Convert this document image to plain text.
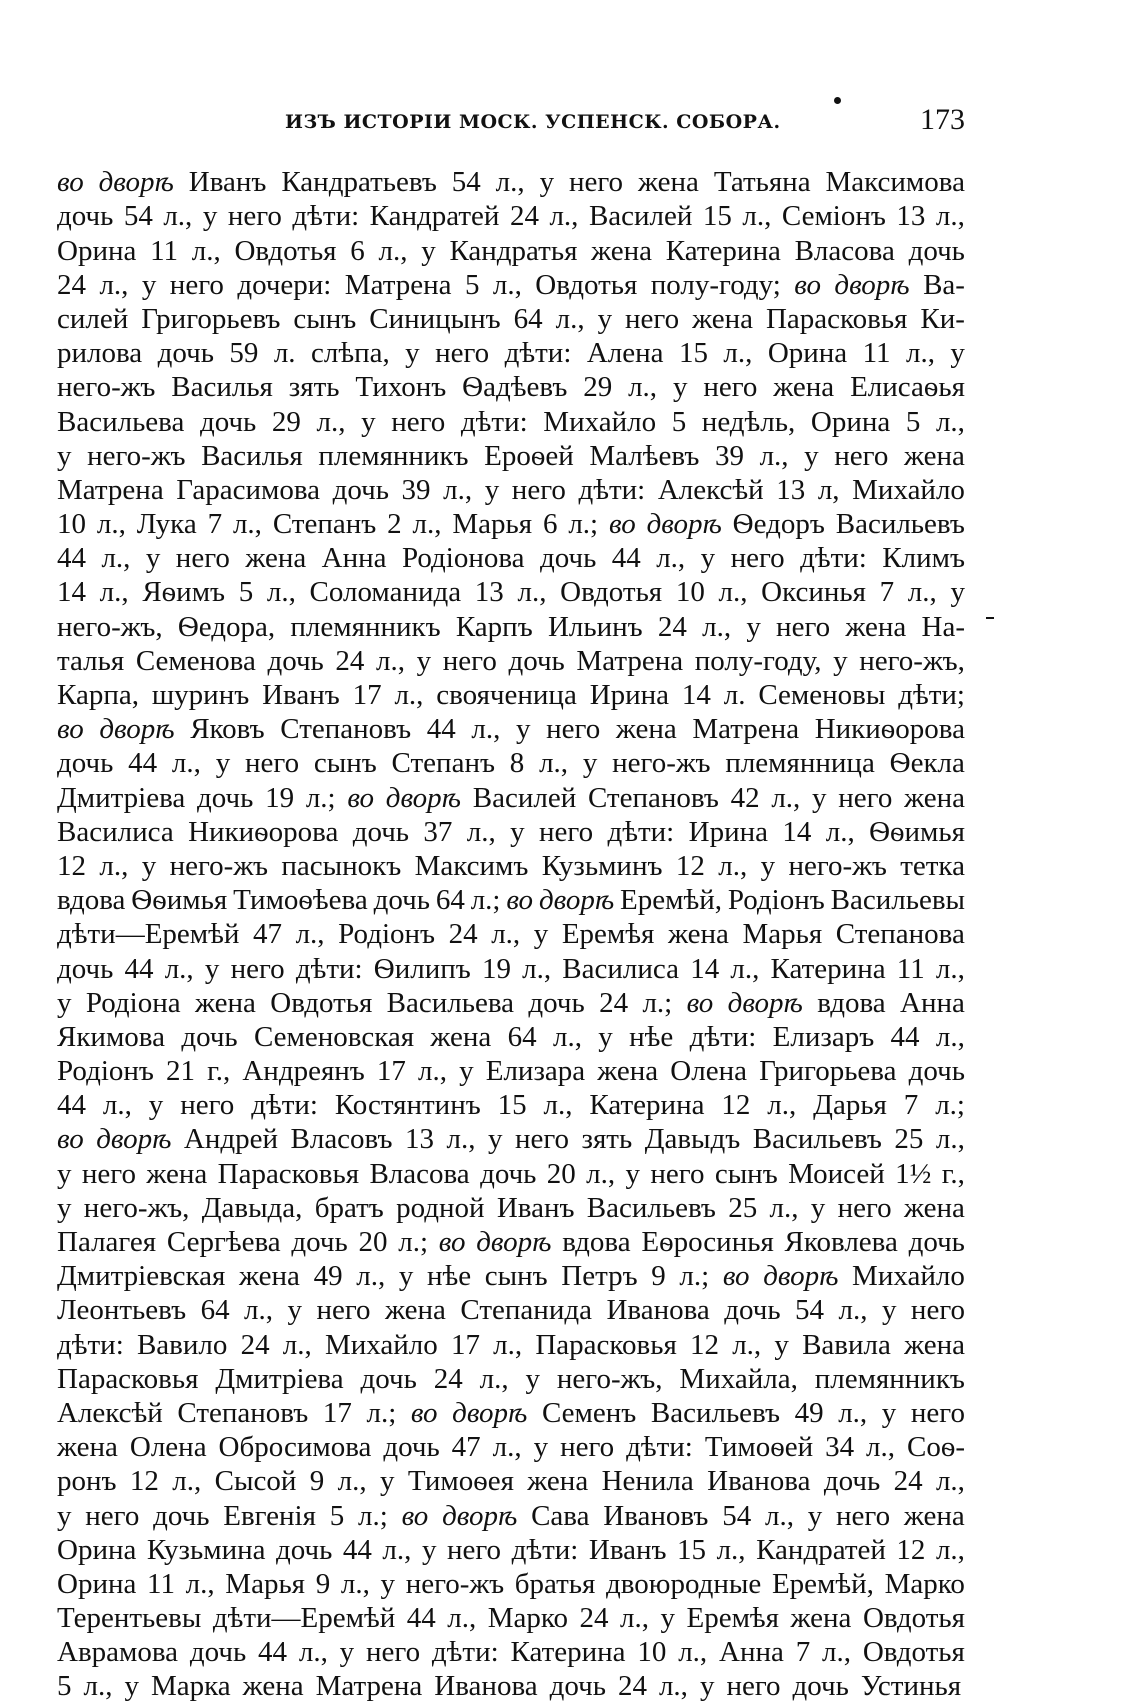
ИЗЪ ИСТОРІИ МОСК. УСПЕНСК. СОБОРА.	173
во дворѣ Иванъ Кандратьевъ 54 л., у него жена Татьяна Максимова
дочь 54 л., у него дѣти: Кандратей 24 л., Василей 15 л., Семіонъ 13 л.,
Орина 11 л., Овдотья 6 л., у Кандратья жена Катерина Власова дочь
24 л., у него дочери: Матрена 5 л., Овдотья полу-году; во дворѣ Ва-
силей Григорьевъ сынъ Синицынъ 64 л., у него жена Парасковья Ки-
рилова дочь 59 л. слѣпа, у него дѣти: Алена 15 л., Орина 11 л., у
него-жъ Василья зять Тихонъ Ѳадѣевъ 29 л., у него жена Елисаѳья
Васильева дочь 29 л., у него дѣти: Михайло 5 недѣль, Орина 5 л.,
у него-жъ Василья племянникъ Ероѳей Малѣевъ 39 л., у него жена
Матрена Гарасимова дочь 39 л., у него дѣти: Алексѣй 13 л, Михайло
10 л., Лука 7 л., Степанъ 2 л., Марья 6 л.; во дворѣ Ѳедоръ Васильевъ
44 л., у него жена Анна Родіонова дочь 44 л., у него дѣти: Климъ
14 л., Яѳимъ 5 л., Соломанида 13 л., Овдотья 10 л., Оксинья 7 л., у
него-жъ, Ѳедора, племянникъ Карпъ Ильинъ 24 л., у него жена На-
талья Семенова дочь 24 л., у него дочь Матрена полу-году, у него-жъ,
Карпа, шуринъ Иванъ 17 л., свояченица Ирина 14 л. Семеновы дѣти;
во дворѣ Яковъ Степановъ 44 л., у него жена Матрена Никиѳорова
дочь 44 л., у него сынъ Степанъ 8 л., у него-жъ племянница Ѳекла
Дмитріева дочь 19 л.; во дворѣ Василей Степановъ 42 л., у него жена
Василиса Никиѳорова дочь 37 л., у него дѣти: Ирина 14 л., Ѳѳимья
12 л., у него-жъ пасынокъ Максимъ Кузьминъ 12 л., у него-жъ тетка
вдова Ѳѳимья Тимоѳѣева дочь 64 л.; во дворѣ Еремѣй, Родіонъ Васильевы
дѣти—Еремѣй 47 л., Родіонъ 24 л., у Еремѣя жена Марья Степанова
дочь 44 л., у него дѣти: Ѳилипъ 19 л., Василиса 14 л., Катерина 11 л.,
у Родіона жена Овдотья Васильева дочь 24 л.; во дворѣ вдова Анна
Якимова дочь Семеновская жена 64 л., у нѣе дѣти: Елизаръ 44 л.,
Родіонъ 21 г., Андреянъ 17 л., у Елизара жена Олена Григорьева дочь
44 л., у него дѣти: Костянтинъ 15 л., Катерина 12 л., Дарья 7 л.;
во дворѣ Андрей Власовъ 13 л., у него зять Давыдъ Васильевъ 25 л.,
у него жена Парасковья Власова дочь 20 л., у него сынъ Моисей 1½ г.,
у него-жъ, Давыда, братъ родной Иванъ Васильевъ 25 л., у него жена
Палагея Сергѣева дочь 20 л.; во дворѣ вдова Еѳросинья Яковлева дочь
Дмитріевская жена 49 л., у нѣе сынъ Петръ 9 л.; во дворѣ Михайло
Леонтьевъ 64 л., у него жена Степанида Иванова дочь 54 л., у него
дѣти: Вавило 24 л., Михайло 17 л., Парасковья 12 л., у Вавила жена
Парасковья Дмитріева дочь 24 л., у него-жъ, Михайла, племянникъ
Алексѣй Степановъ 17 л.; во дворѣ Семенъ Васильевъ 49 л., у него
жена Олена Обросимова дочь 47 л., у него дѣти: Тимоѳей 34 л., Соѳ-
ронъ 12 л., Сысой 9 л., у Тимоѳея жена Ненила Иванова дочь 24 л.,
у него дочь Евгенія 5 л.; во дворѣ Сава Ивановъ 54 л., у него жена
Орина Кузьмина дочь 44 л., у него дѣти: Иванъ 15 л., Кандратей 12 л.,
Орина 11 л., Марья 9 л., у него-жъ братья двоюродные Еремѣй, Марко
Терентьевы дѣти—Еремѣй 44 л., Марко 24 л., у Еремѣя жена Овдотья
Аврамова дочь 44 л., у него дѣти: Катерина 10 л., Анна 7 л., Овдотья
5 л., у Марка жена Матрена Иванова дочь 24 л., у него дочь Устинья
